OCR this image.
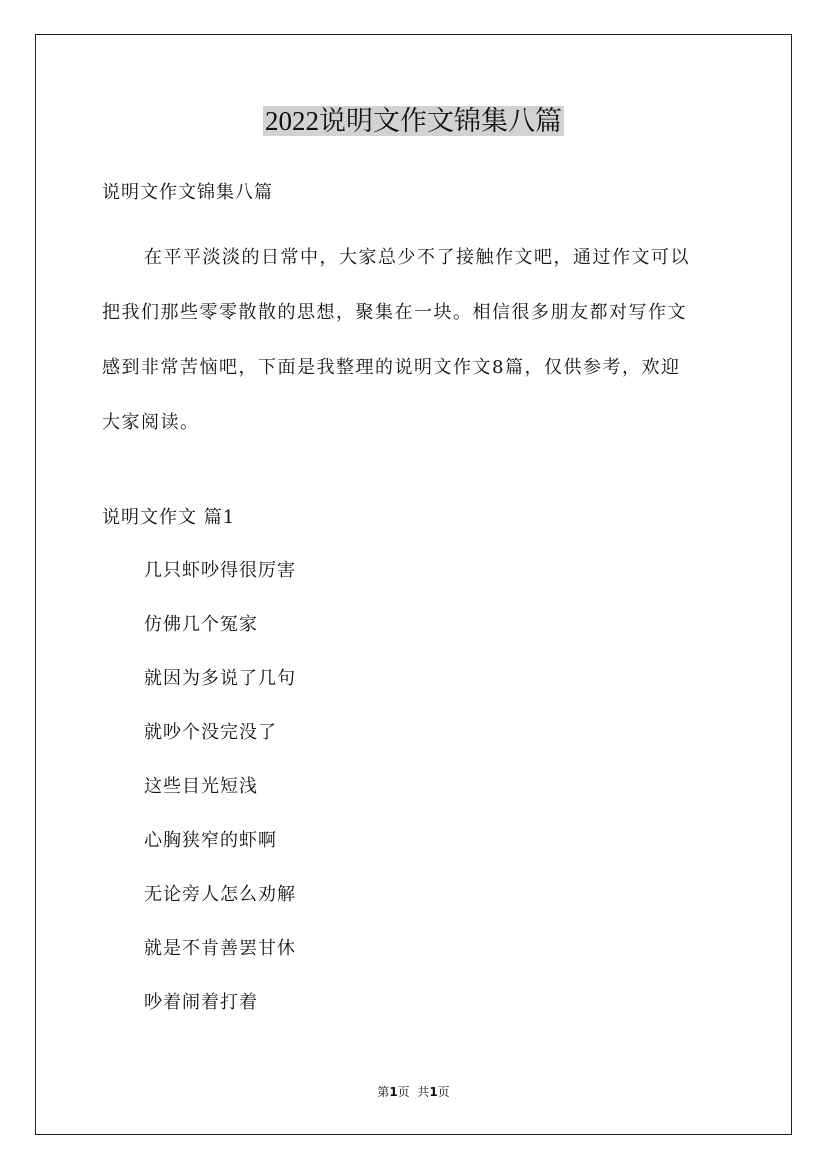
2022说明文作文锦集八篇
说明文作文锦集八篇
在平平淡淡的日常中，大家总少不了接触作文吧，通过作文可以
把我们那些零零散散的思想，聚集在一块。相信很多朋友都对写作文
感到非常苦恼吧，下面是我整理的说明文作文8篇，仅供参考，欢迎
大家阅读。
说明文作文 篇1
几只虾吵得很厉害
仿佛几个冤家
就因为多说了几句
就吵个没完没了
这些目光短浅
心胸狭窄的虾啊
无论旁人怎么劝解
就是不肯善罢甘休
吵着闹着打着
第1页  共1页
